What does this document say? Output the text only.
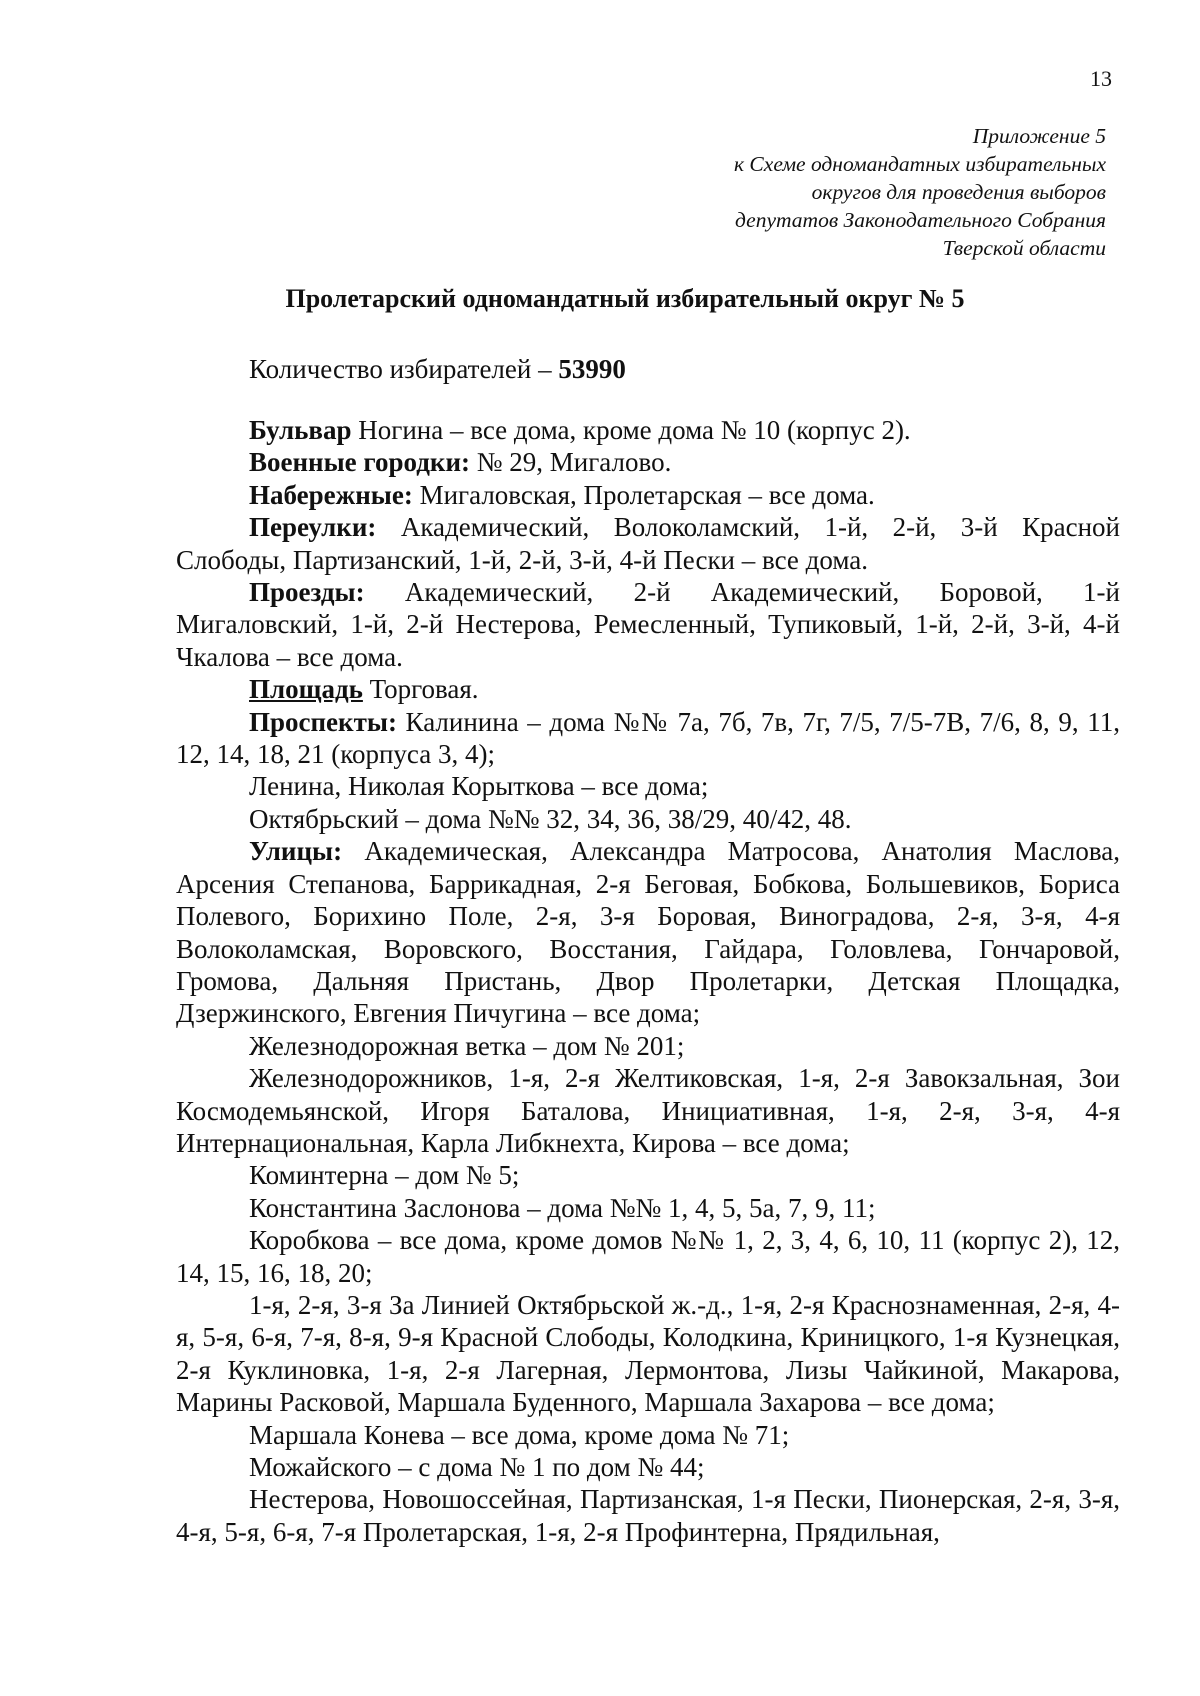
13
Приложение 5
к Схеме одномандатных избирательных
округов для проведения выборов
депутатов Законодательного Собрания
Тверской области
Пролетарский одномандатный избирательный округ № 5
Количество избирателей – 53990

Бульвар Ногина – все дома, кроме дома № 10 (корпус 2).

Военные городки: № 29, Мигалово.

Набережные: Мигаловская, Пролетарская – все дома.

Переулки: Академический, Волоколамский, 1-й, 2-й, 3-й Красной Слободы, Партизанский, 1-й, 2-й, 3-й, 4-й Пески – все дома.

Проезды: Академический, 2-й Академический, Боровой, 1-й Мигаловский, 1-й, 2-й Нестерова, Ремесленный, Тупиковый, 1-й, 2-й, 3-й, 4-й Чкалова – все дома.

Площадь Торговая.

Проспекты: Калинина – дома №№ 7а, 7б, 7в, 7г, 7/5, 7/5-7В, 7/6, 8, 9, 11, 12, 14, 18, 21 (корпуса 3, 4);

Ленина, Николая Корыткова – все дома;

Октябрьский – дома №№ 32, 34, 36, 38/29, 40/42, 48.

Улицы: Академическая, Александра Матросова, Анатолия Маслова, Арсения Степанова, Баррикадная, 2-я Беговая, Бобкова, Большевиков, Бориса Полевого, Борихино Поле, 2-я, 3-я Боровая, Виноградова, 2-я, 3-я, 4-я Волоколамская, Воровского, Восстания, Гайдара, Головлева, Гончаровой, Громова, Дальняя Пристань, Двор Пролетарки, Детская Площадка, Дзержинского, Евгения Пичугина – все дома;

Железнодорожная ветка – дом № 201;

Железнодорожников, 1-я, 2-я Желтиковская, 1-я, 2-я Завокзальная, Зои Космодемьянской, Игоря Баталова, Инициативная, 1-я, 2-я, 3-я, 4-я Интернациональная, Карла Либкнехта, Кирова – все дома;

Коминтерна – дом № 5;

Константина Заслонова – дома №№ 1, 4, 5, 5а, 7, 9, 11;

Коробкова – все дома, кроме домов №№ 1, 2, 3, 4, 6, 10, 11 (корпус 2), 12, 14, 15, 16, 18, 20;

1-я, 2-я, 3-я За Линией Октябрьской ж.-д., 1-я, 2-я Краснознаменная, 2-я, 4-я, 5-я, 6-я, 7-я, 8-я, 9-я Красной Слободы, Колодкина, Криницкого, 1-я Кузнецкая, 2-я Куклиновка, 1-я, 2-я Лагерная, Лермонтова, Лизы Чайкиной, Макарова, Марины Расковой, Маршала Буденного, Маршала Захарова – все дома;

Маршала Конева – все дома, кроме дома № 71;

Можайского – с дома № 1 по дом № 44;

Нестерова, Новошоссейная, Партизанская, 1-я Пески, Пионерская, 2-я, 3-я, 4-я, 5-я, 6-я, 7-я Пролетарская, 1-я, 2-я Профинтерна, Прядильная,
